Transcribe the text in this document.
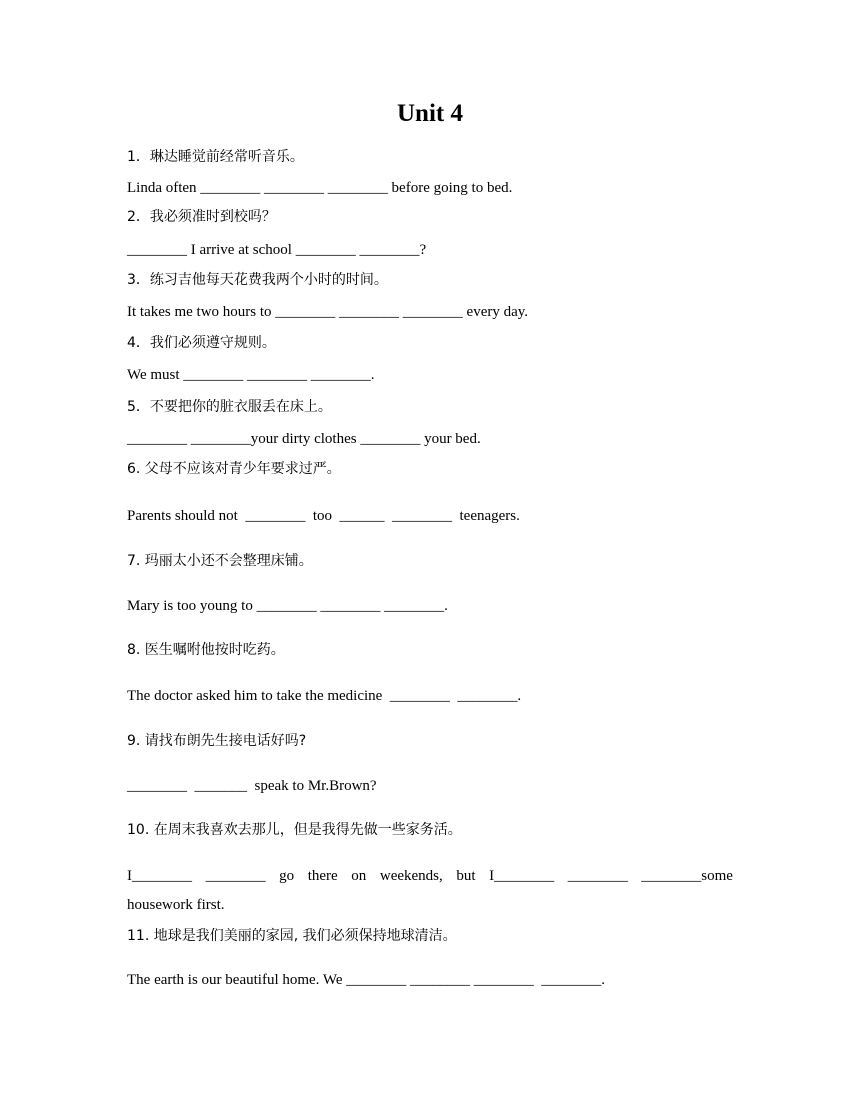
Unit 4
1．琳达睡觉前经常听音乐。
Linda often ________ ________ ________ before going to bed.
2．我必须准时到校吗？
________ I arrive at school ________ ________?
3．练习吉他每天花费我两个小时的时间。
It takes me two hours to ________ ________ ________ every day.
4．我们必须遵守规则。
We must ________ ________ ________.
5．不要把你的脏衣服丢在床上。
________ ________your dirty clothes ________ your bed.
6. 父母不应该对青少年要求过严。
Parents should not  ________  too  ______  ________  teenagers.
7. 玛丽太小还不会整理床铺。
Mary is too young to ________ ________ ________.
8. 医生嘱咐他按时吃药。
The doctor asked him to take the medicine  ________  ________.
9. 请找布朗先生接电话好吗?
________  _______  speak to Mr.Brown?
10. 在周末我喜欢去那儿，但是我得先做一些家务活。
I________ ________ go there on weekends, but I________ ________ ________some
housework first.
11. 地球是我们美丽的家园, 我们必须保持地球清洁。
The earth is our beautiful home. We ________ ________ ________  ________.
